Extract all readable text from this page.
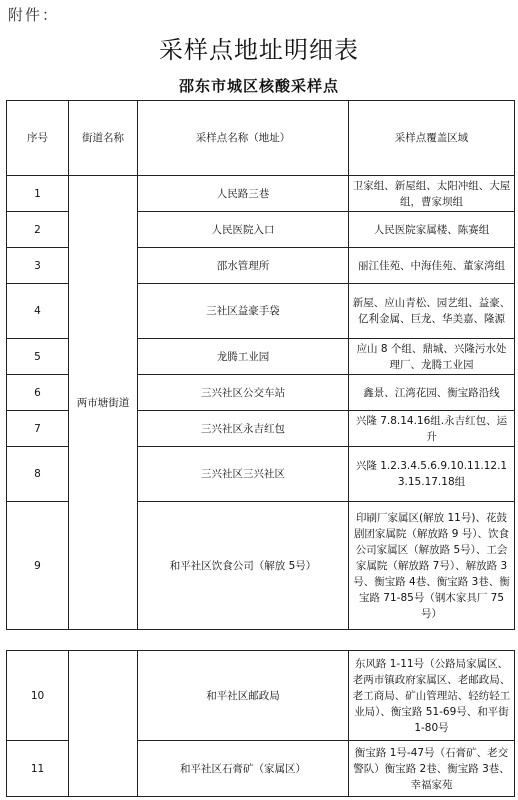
附件：
采样点地址明细表
邵东市城区核酸采样点
序号	街道名称	采样点名称（地址）	采样点覆盖区域
1	两市塘街道	人民路三巷	卫家组、新屋组、太阳冲组、大屋组，曹家坝组
2		人民医院入口	人民医院家属楼、陈赛组
3		邵水管理所	丽江佳苑、中海佳苑、董家湾组
4		三社区益豪手袋	新屋、应山青松、园艺组、益豪、亿利金属、巨龙、华美嘉、隆源
5		龙腾工业园	应山 8 个组、鼎城、兴隆污水处理厂、龙腾工业园
6		三兴社区公交车站	鑫景、江湾花园、衡宝路沿线
7		三兴社区永吉红包	兴隆 7.8.14.16组.永吉红包、运升
8		三兴社区三兴社区	兴隆 1.2.3.4.5.6.9.10.11.12.13.15.17.18组
9		和平社区饮食公司（解放 5号）	印刷厂家属区(解放 11号)、花鼓剧团家属院（解放路 9 号）、饮食公司家属区（解放路 5号）、工会家属院（解放路 7号）、解放路 3号、衡宝路 4巷、衡宝路 3巷、衡宝路 71-85号（钢木家具厂 75号）
10		和平社区邮政局	东风路 1-11号（公路局家属区、老两市镇政府家属区、老邮政局、老工商局、矿山管理站、轻纺轻工业局）、衡宝路 51-69号、和平街 1-80号
11		和平社区石膏矿（家属区）	衡宝路 1号-47号（石膏矿、老交警队）衡宝路 2巷、衡宝路 3巷、幸福家苑
